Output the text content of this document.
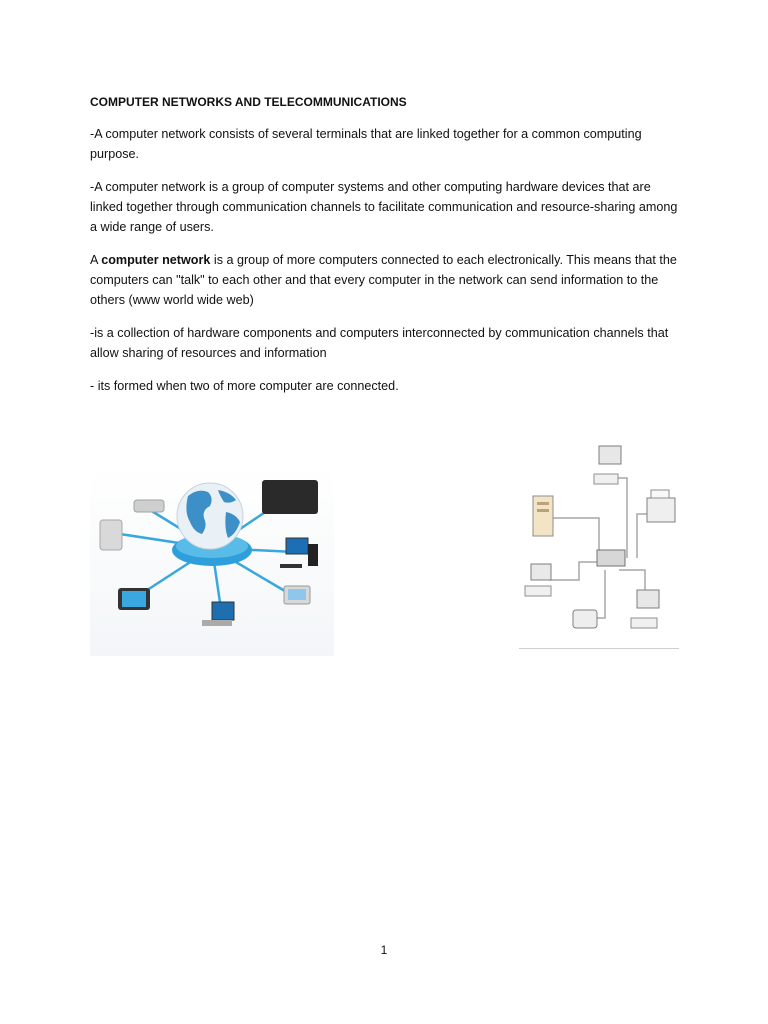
COMPUTER NETWORKS AND TELECOMMUNICATIONS

-A computer network consists of several terminals that are linked together for a common computing purpose.

-A computer network is a group of computer systems and other computing hardware devices that are linked together through communication channels to facilitate communication and resource-sharing among a wide range of users.

A computer network is a group of more computers connected to each electronically. This means that the computers can "talk" to each other and that every computer in the network can send information to the others (www world wide web)

-is a collection of hardware components and computers interconnected by communication channels that allow sharing of resources and information

- its formed when two of more computer are connected.

1
